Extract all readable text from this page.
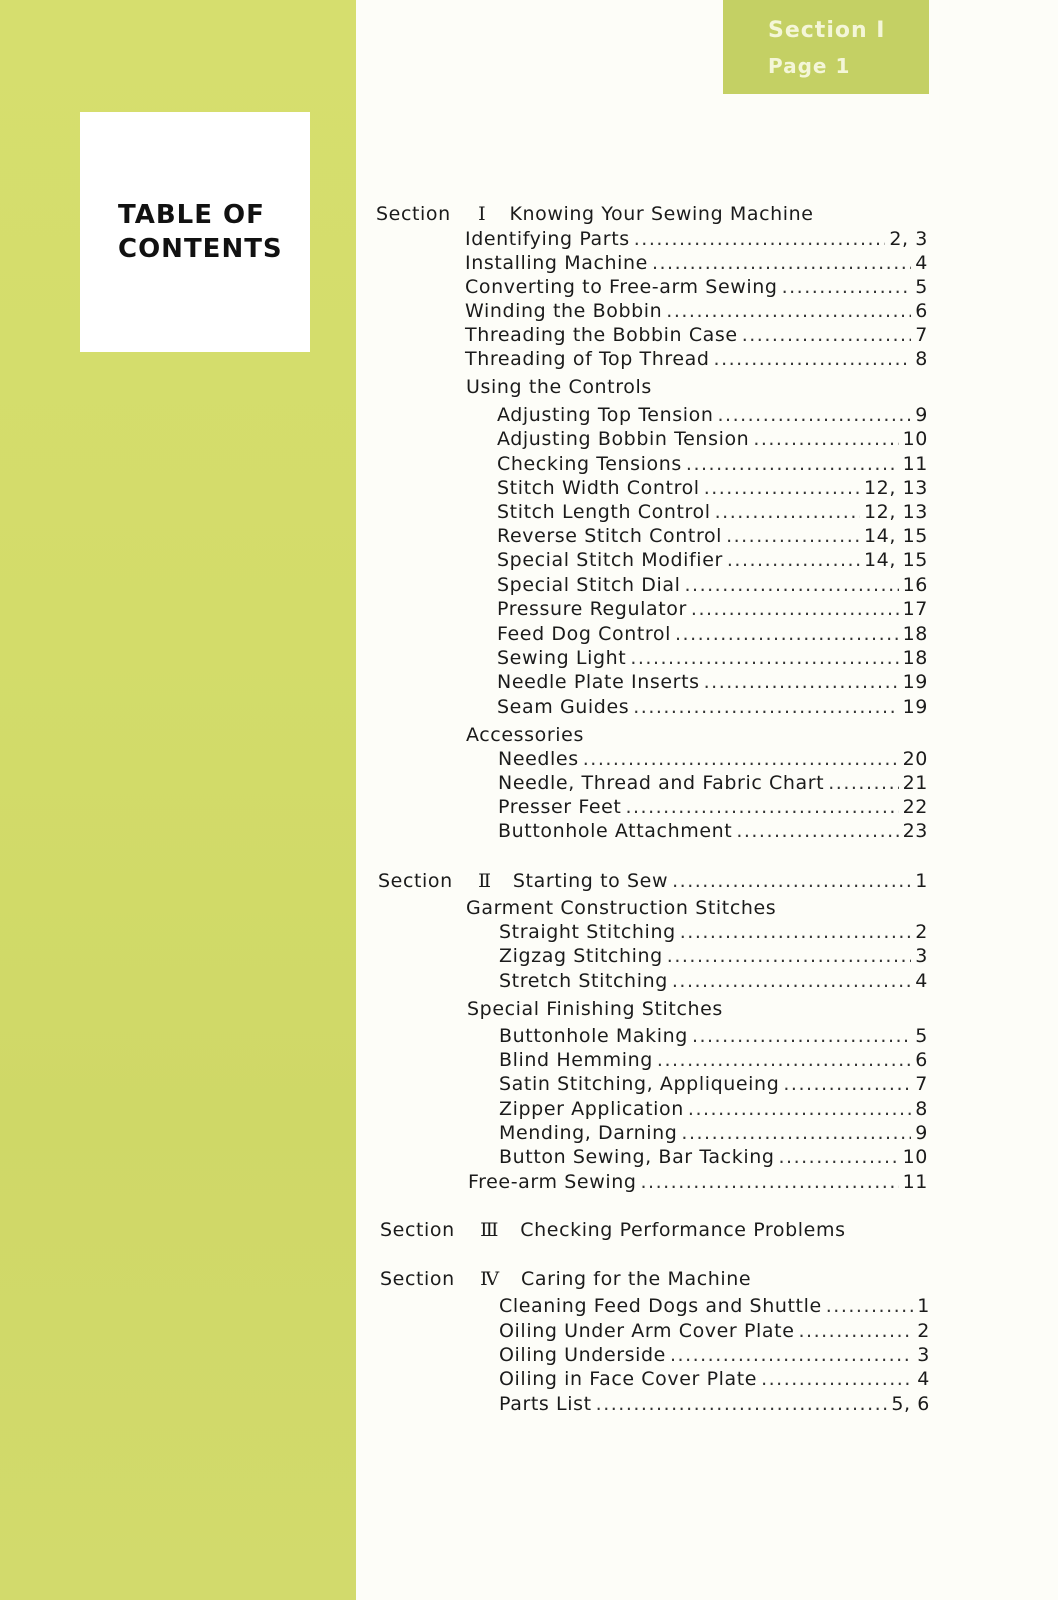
TABLE OF CONTENTS
Section Ⅰ
Page 1
Section Ⅰ Knowing Your Sewing Machine
Identifying Parts .....	2, 3
Installing Machine .....	4
Converting to Free-arm Sewing .....	5
Winding the Bobbin .....	6
Threading the Bobbin Case .....	7
Threading of Top Thread .....	8
Using the Controls
Adjusting Top Tension .....	9
Adjusting Bobbin Tension .....	10
Checking Tensions .....	11
Stitch Width Control .....	12, 13
Stitch Length Control .....	12, 13
Reverse Stitch Control .....	14, 15
Special Stitch Modifier .....	14, 15
Special Stitch Dial .....	16
Pressure Regulator .....	17
Feed Dog Control .....	18
Sewing Light .....	18
Needle Plate Inserts .....	19
Seam Guides .....	19
Accessories
Needles .....	20
Needle, Thread and Fabric Chart .....	21
Presser Feet .....	22
Buttonhole Attachment .....	23
Section Ⅱ Starting to Sew .....	1
Garment Construction Stitches
Straight Stitching .....	2
Zigzag Stitching .....	3
Stretch Stitching .....	4
Special Finishing Stitches
Buttonhole Making .....	5
Blind Hemming .....	6
Satin Stitching, Appliqueing .....	7
Zipper Application .....	8
Mending, Darning .....	9
Button Sewing, Bar Tacking .....	10
Free-arm Sewing .....	11
Section Ⅲ Checking Performance Problems
Section Ⅳ Caring for the Machine
Cleaning Feed Dogs and Shuttle .....	1
Oiling Under Arm Cover Plate .....	2
Oiling Underside .....	3
Oiling in Face Cover Plate .....	4
Parts List .....	5, 6
